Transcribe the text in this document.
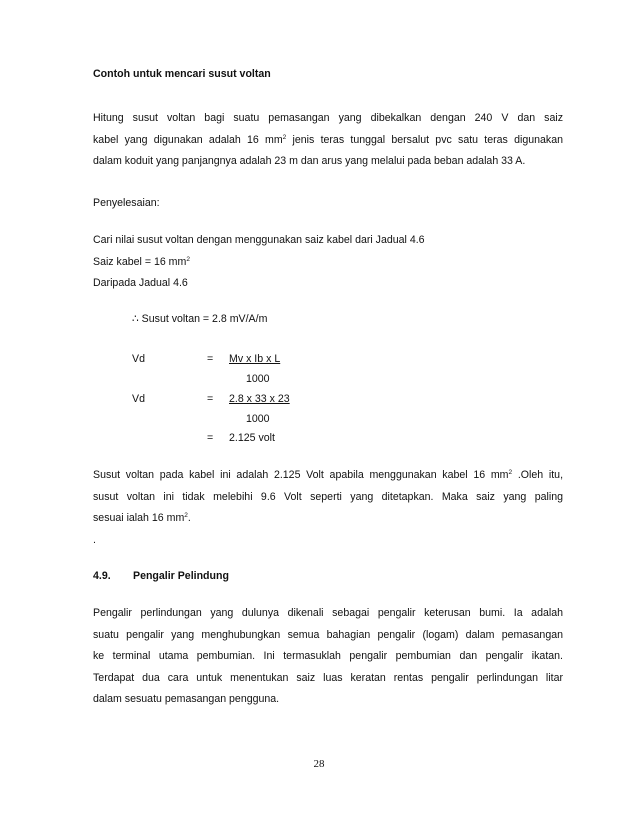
Contoh untuk mencari susut voltan
Hitung susut voltan bagi suatu pemasangan yang dibekalkan dengan 240 V dan saiz
kabel yang digunakan adalah 16 $mm^2$ jenis teras tunggal bersalut pvc satu teras digunakan
dalam koduit yang panjangnya adalah 23 m dan arus yang melalui pada beban adalah 33 A.
Penyelesaian:
Cari nilai susut voltan dengan menggunakan saiz kabel dari Jadual 4.6
Saiz kabel = 16 $mm^2$
Daripada Jadual 4.6
∴ Susut voltan = 2.8 mV/A/m
Vd	= Mv x Ib x L
1000
Vd	= 2.8 x 33 x 23
1000
= 2.125 volt
Susut voltan pada kabel ini adalah 2.125 Volt apabila menggunakan kabel 16 $mm^2$ .Oleh itu,
susut voltan ini tidak melebihi 9.6 Volt seperti yang ditetapkan. Maka saiz yang paling
sesuai ialah 16 $mm^2$.
.
4.9. Pengalir Pelindung
Pengalir perlindungan yang dulunya dikenali sebagai pengalir keterusan bumi. Ia adalah
suatu pengalir yang menghubungkan semua bahagian pengalir (logam) dalam pemasangan
ke terminal utama pembumian. Ini termasuklah pengalir pembumian dan pengalir ikatan.
Terdapat dua cara untuk menentukan saiz luas keratan rentas pengalir perlindungan litar
dalam sesuatu pemasangan pengguna.
28
